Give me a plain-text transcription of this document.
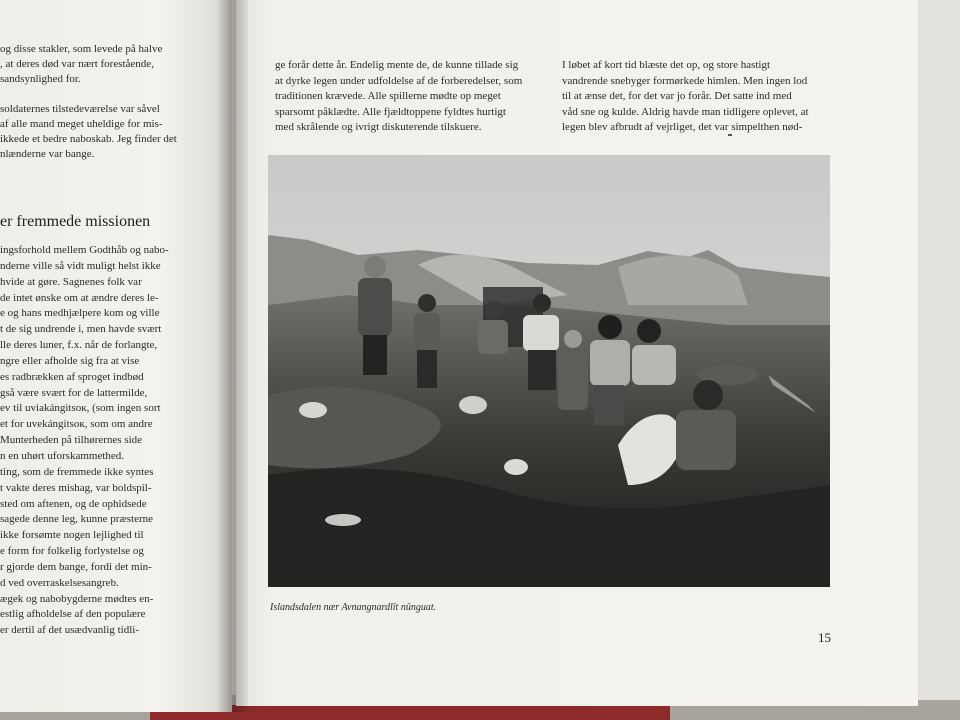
og disse stakler, som levede på halve
, at deres død var nært forestående,
sandsynlighed for.

soldaternes tilstedeværelse var såvel
af alle mand meget uheldige for mis-
ikkede et bedre naboskab. Jeg finder det
nlænderne var bange.
er fremmede missionen
ingsforhold mellem Godthåb og nabo-
nderne ville så vidt muligt helst ikke
hvide at gøre. Sagnenes folk var
de intet ønske om at ændre deres le-
e og hans medhjælpere kom og ville
t de sig undrende i, men havde svært
lle deres luner, f.x. når de forlangte,
ngre eller afholde sig fra at vise
es radbrækken af sproget indbød
gså være svært for de lattermilde,
ev til uviakángitsoк, (som ingen sort
et for uvekángitsoк, som om andre
Munterheden på tilhørernes side
n en uhørt uforskammethed.
ting, som de fremmede ikke syntes
t vakte deres mishag, var boldspil-
sted om aftenen, og de ophidsede
sagede denne leg, kunne præsterne
ikke forsømte nogen lejlighed til
e form for folkelig forlystelse og
r gjorde dem bange, fordi det min-
d ved overraskelsesangreb.
ægek og nabobygderne mødtes en-
estlig afholdelse af den populære
er dertil af det usædvanlig tidli-
ge forår dette år. Endelig mente de, de kunne tillade sig
at dyrke legen under udfoldelse af de forberedelser, som
traditionen krævede. Alle spillerne mødte op meget
sparsomt påklædte. Alle fjældtoppene fyldtes hurtigt
med skrålende og ivrigt diskuterende tilskuere.
I løbet af kort tid blæste det op, og store hastigt
vandrende snebyger formørkede himlen. Men ingen lod
til at ænse det, for det var jo forår. Det satte ind med
våd sne og kulde. Aldrig havde man tidligere oplevet, at
legen blev afbrudt af vejrliget, det var simpelthen nød-
Islandsdalen nær Avnangnardlît nûnguat.
15
